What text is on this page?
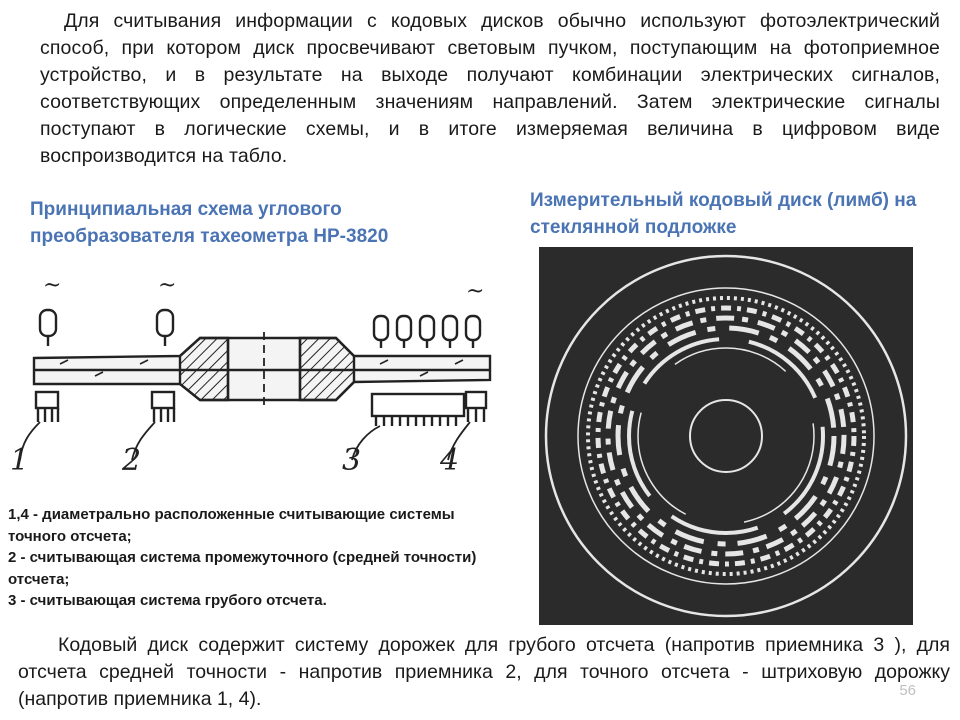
Для считывания информации с кодовых дисков обычно используют фотоэлектрический способ, при котором диск просвечивают световым пучком, поступающим на фотоприемное устройство, и в результате на выходе получают комбинации электрических сигналов, соответствующих определенным значениям направлений. Затем электрические сигналы поступают в логические схемы, и в итоге измеряемая величина в цифровом виде воспроизводится на табло.

Принципиальная схема углового преобразователя тахеометра НР-3820
Измерительный кодовый диск (лимб) на стеклянной подложке
~	~	~
1	2	3	4
1,4 - диаметрально расположенные считывающие системы точного отсчета;
2 - считывающая система промежуточного (средней точности) отсчета;
3 - считывающая система грубого отсчета.

Кодовый диск содержит систему дорожек для грубого отсчета (напротив приемника 3 ), для отсчета средней точности - напротив приемника 2, для точного отсчета - штриховую дорожку (напротив приемника 1, 4).	56
